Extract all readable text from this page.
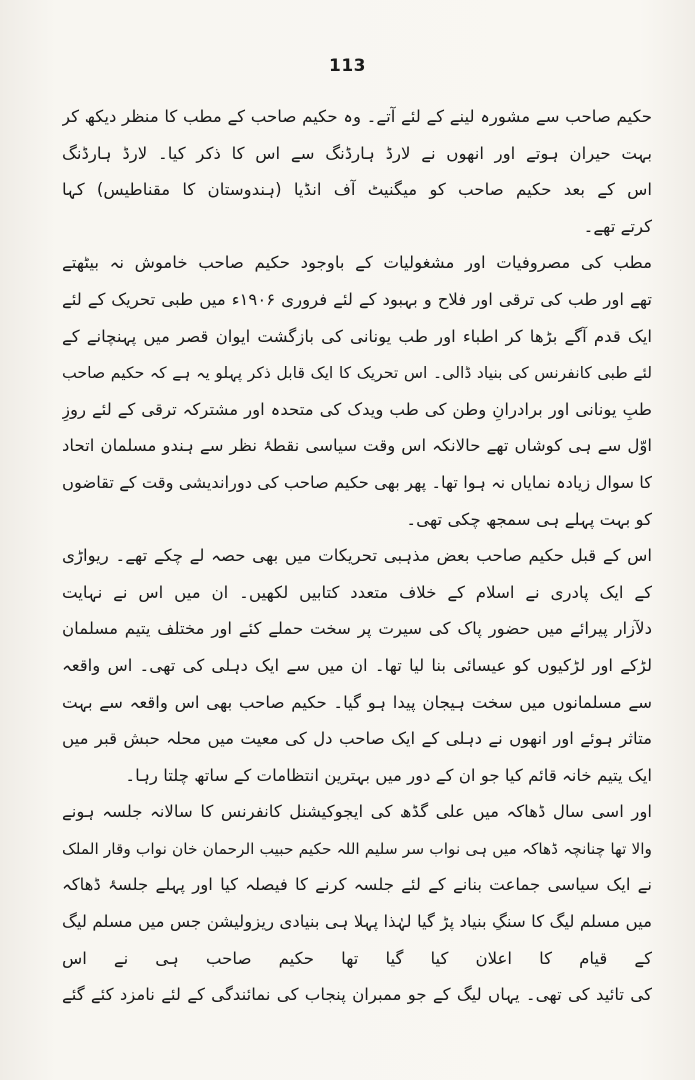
113
حکیم صاحب سے مشورہ لینے کے لئے آتے۔ وہ حکیم صاحب کے مطب کا منظر دیکھ کر
بہت حیران ہوتے اور انھوں نے لارڈ ہارڈنگ سے اس کا ذکر کیا۔ لارڈ ہارڈنگ
اس کے بعد حکیم صاحب کو میگنیٹ آف انڈیا (ہندوستان کا مقناطیس) کہا
کرتے تھے۔
مطب کی مصروفیات اور مشغولیات کے باوجود حکیم صاحب خاموش نہ بیٹھتے
تھے اور طب کی ترقی اور فلاح و بہبود کے لئے فروری ۱۹۰۶ء میں طبی تحریک کے لئے
ایک قدم آگے بڑھا کر اطباء اور طب یونانی کی بازگشت ایوان قصر میں پہنچانے کے
لئے طبی کانفرنس کی بنیاد ڈالی۔ اس تحریک کا ایک قابل ذکر پہلو یہ ہے کہ حکیم صاحب
طبِ یونانی اور برادرانِ وطن کی طب ویدک کی متحدہ اور مشترکہ ترقی کے لئے روزِ
اوّل سے ہی کوشاں تھے حالانکہ اس وقت سیاسی نقطۂ نظر سے ہندو مسلمان اتحاد
کا سوال زیادہ نمایاں نہ ہوا تھا۔ پھر بھی حکیم صاحب کی دوراندیشی وقت کے تقاضوں
کو بہت پہلے ہی سمجھ چکی تھی۔
اس کے قبل حکیم صاحب بعض مذہبی تحریکات میں بھی حصہ لے چکے تھے۔ ریواڑی
کے ایک پادری نے اسلام کے خلاف متعدد کتابیں لکھیں۔ ان میں اس نے نہایت
دلآزار پیرائے میں حضور پاک کی سیرت پر سخت حملے کئے اور مختلف یتیم مسلمان
لڑکے اور لڑکیوں کو عیسائی بنا لیا تھا۔ ان میں سے ایک دہلی کی تھی۔ اس واقعہ
سے مسلمانوں میں سخت ہیجان پیدا ہو گیا۔ حکیم صاحب بھی اس واقعہ سے بہت
متاثر ہوئے اور انھوں نے دہلی کے ایک صاحب دل کی معیت میں محلہ حبش قبر میں
ایک یتیم خانہ قائم کیا جو ان کے دور میں بہترین انتظامات کے ساتھ چلتا رہا۔
اور اسی سال ڈھاکہ میں علی گڈھ کی ایجوکیشنل کانفرنس کا سالانہ جلسہ ہونے
والا تھا چنانچہ ڈھاکہ میں ہی نواب سر سلیم اللہ حکیم حبیب الرحمان خان نواب وقار الملک
نے ایک سیاسی جماعت بنانے کے لئے جلسہ کرنے کا فیصلہ کیا اور پہلے جلسۂ ڈھاکہ
میں مسلم لیگ کا سنگِ بنیاد پڑ گیا لہٰذا پہلا ہی بنیادی ریزولیشن جس میں مسلم لیگ
کے قیام کا اعلان کیا گیا تھا حکیم صاحب ہی نے اس
کی تائید کی تھی۔ یہاں لیگ کے جو ممبران پنجاب کی نمائندگی کے لئے نامزد کئے گئے
